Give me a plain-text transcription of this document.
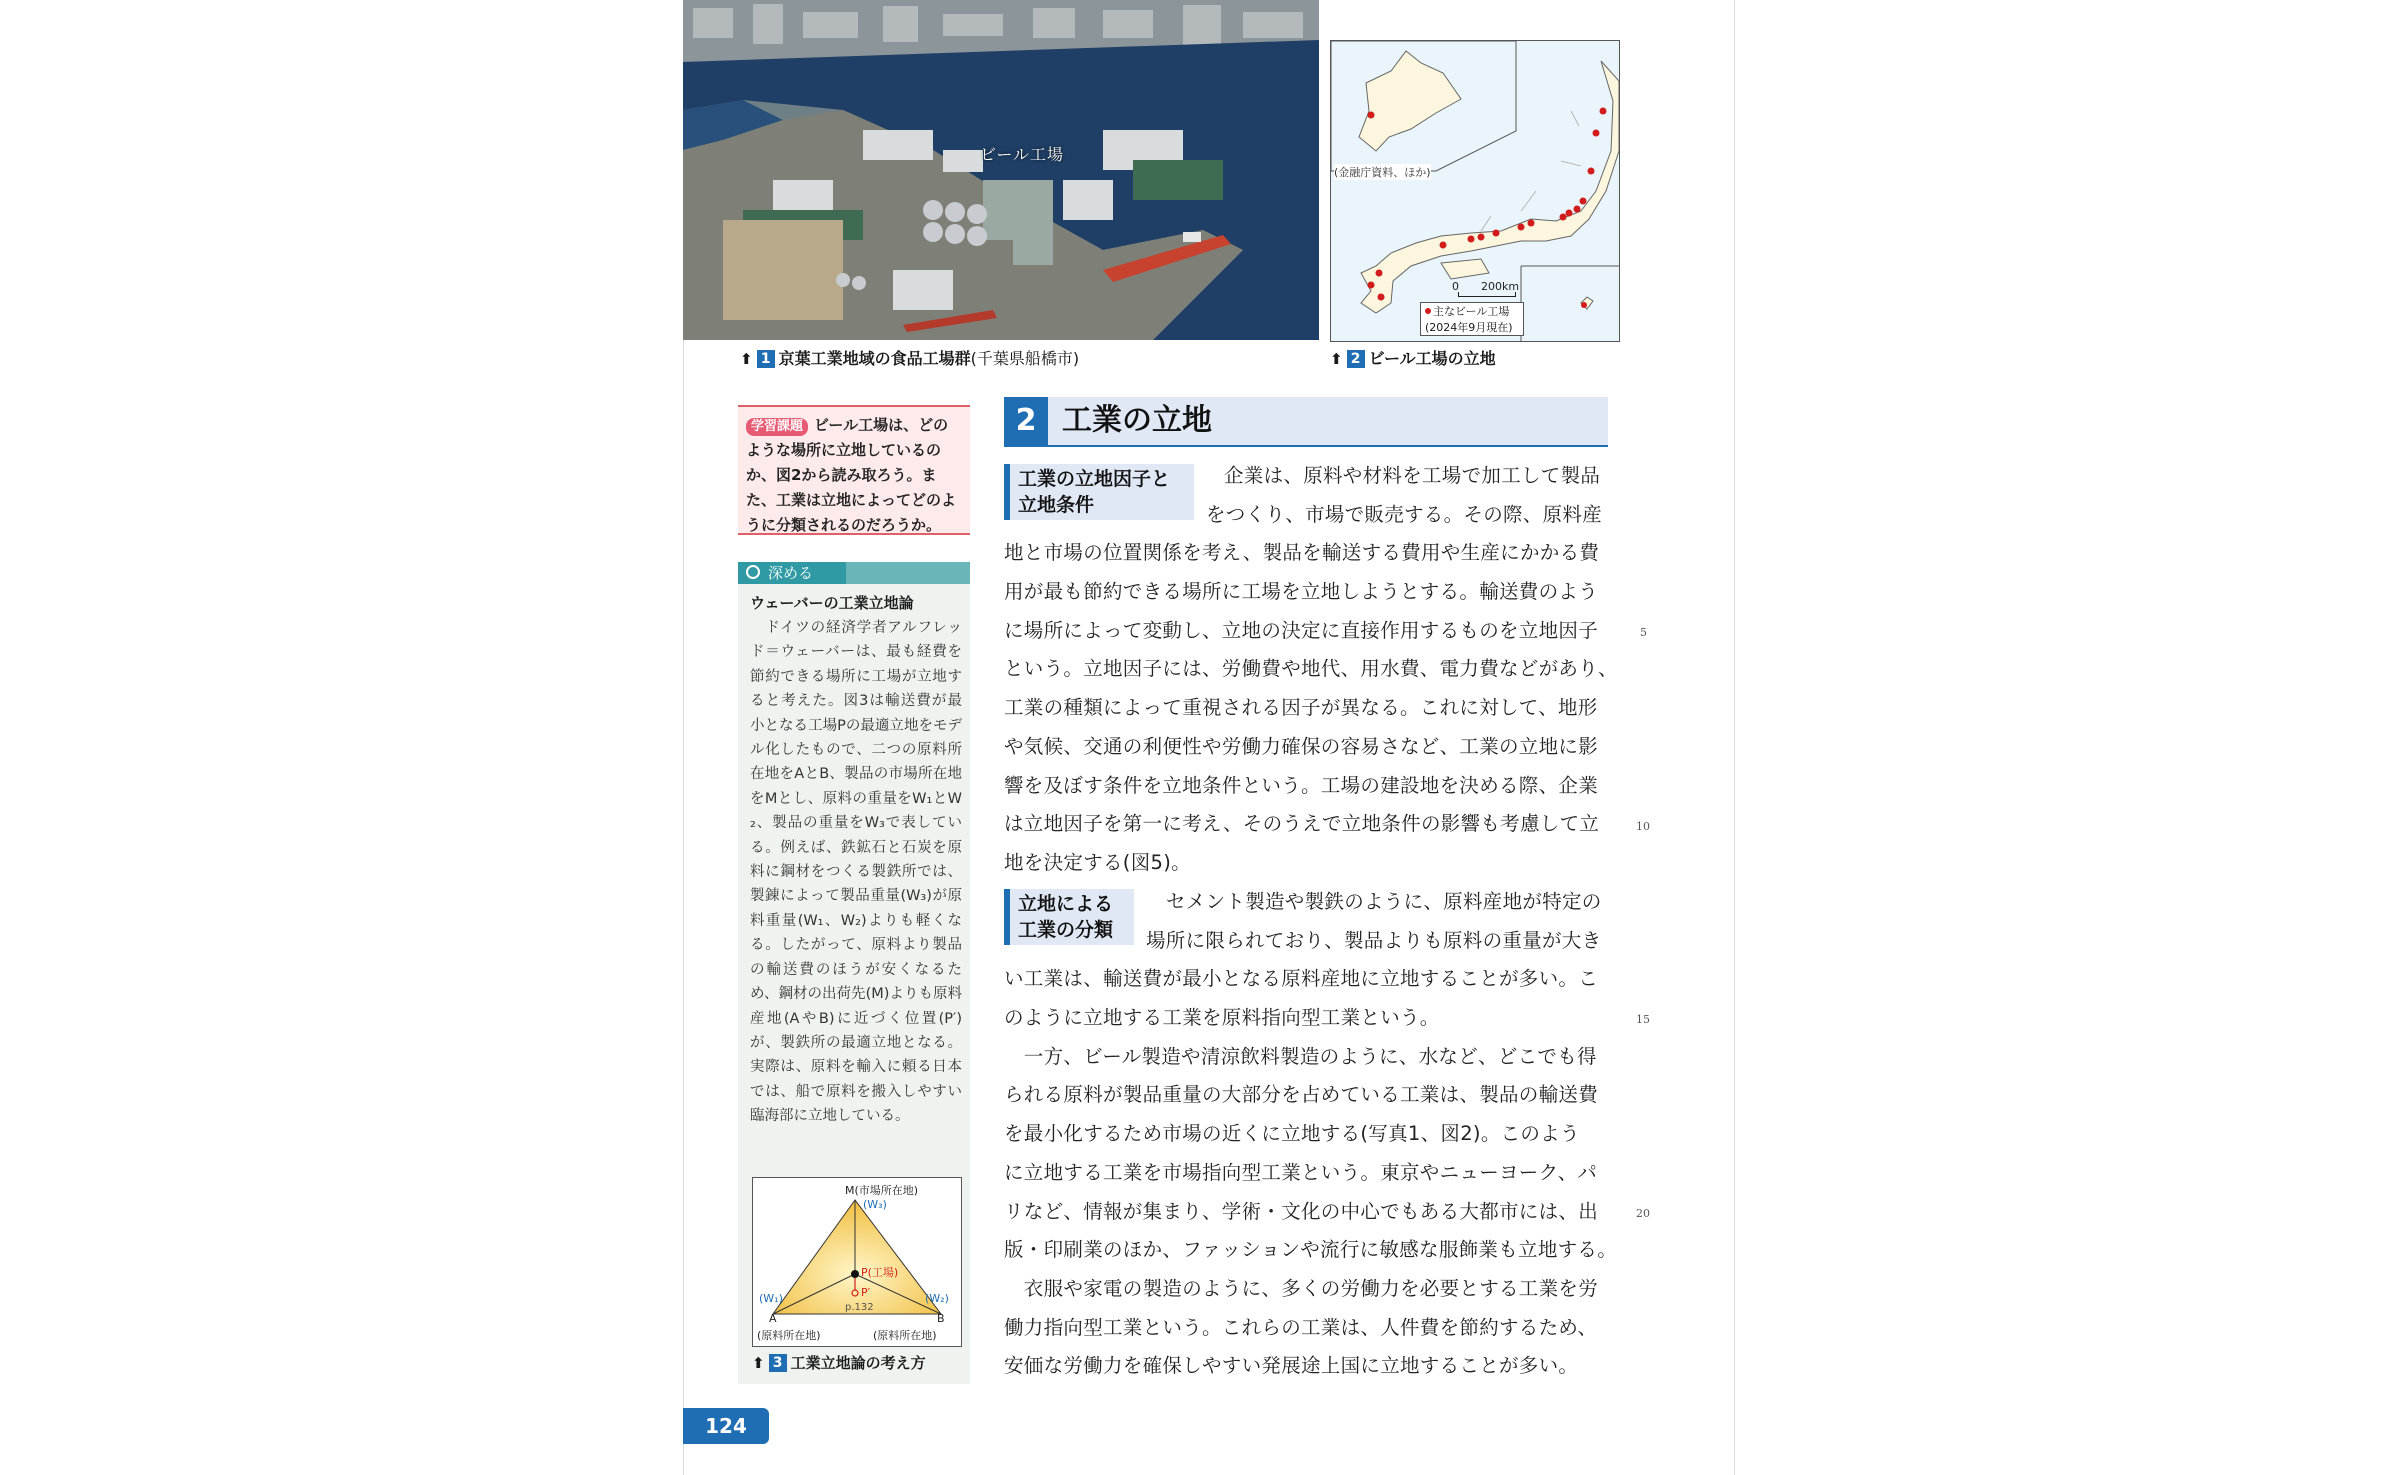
ビール工場
(金融庁資料、ほか)
0　　200km
主なビール工場
(2024年9月現在)
⬆ 1 京葉工業地域の食品工場群(千葉県船橋市)	⬆ 2 ビール工場の立地
学習課題 ビール工場は、どのような場所に立地しているのか、図2から読み取ろう。また、工業は立地によってどのように分類されるのだろうか。
深める
ウェーバーの工業立地論
　ドイツの経済学者アルフレッド＝ウェーバーは、最も経費を節約できる場所に工場が立地すると考えた。図3は輸送費が最小となる工場Pの最適立地をモデル化したもので、二つの原料所在地をAとB、製品の市場所在地をMとし、原料の重量をW₁とW₂、製品の重量をW₃で表している。例えば、鉄鉱石と石炭を原料に鋼材をつくる製鉄所では、製錬によって製品重量(W₃)が原料重量(W₁、W₂)よりも軽くなる。したがって、原料より製品の輸送費のほうが安くなるため、鋼材の出荷先(M)よりも原料産地(AやB)に近づく位置(P′)が、製鉄所の最適立地となる。実際は、原料を輸入に頼る日本では、船で原料を搬入しやすい臨海部に立地している。
M(市場所在地)
(W₃)
P(工場)
P′
p.132
(W₁)	(W₂)
A	B
(原料所在地)	(原料所在地)
⬆ 3 工業立地論の考え方
2 工業の立地
工業の立地因子と
立地条件
立地による
工業の分類
企業は、原料や材料を工場で加工して製品
をつくり、市場で販売する。その際、原料産
地と市場の位置関係を考え、製品を輸送する費用や生産にかかる費
用が最も節約できる場所に工場を立地しようとする。輸送費のよう
に場所によって変動し、立地の決定に直接作用するものを立地因子
という。立地因子には、労働費や地代、用水費、電力費などがあり、
工業の種類によって重視される因子が異なる。これに対して、地形
や気候、交通の利便性や労働力確保の容易さなど、工業の立地に影
響を及ぼす条件を立地条件という。工場の建設地を決める際、企業
は立地因子を第一に考え、そのうえで立地条件の影響も考慮して立
地を決定する(図5)。
セメント製造や製鉄のように、原料産地が特定の
場所に限られており、製品よりも原料の重量が大き
い工業は、輸送費が最小となる原料産地に立地することが多い。こ
のように立地する工業を原料指向型工業という。
　一方、ビール製造や清涼飲料製造のように、水など、どこでも得
られる原料が製品重量の大部分を占めている工業は、製品の輸送費
を最小化するため市場の近くに立地する(写真1、図2)。このよう
に立地する工業を市場指向型工業という。東京やニューヨーク、パ
リなど、情報が集まり、学術・文化の中心でもある大都市には、出
版・印刷業のほか、ファッションや流行に敏感な服飾業も立地する。
　衣服や家電の製造のように、多くの労働力を必要とする工業を労
働力指向型工業という。これらの工業は、人件費を節約するため、
安価な労働力を確保しやすい発展途上国に立地することが多い。
5
10
15
20
124
